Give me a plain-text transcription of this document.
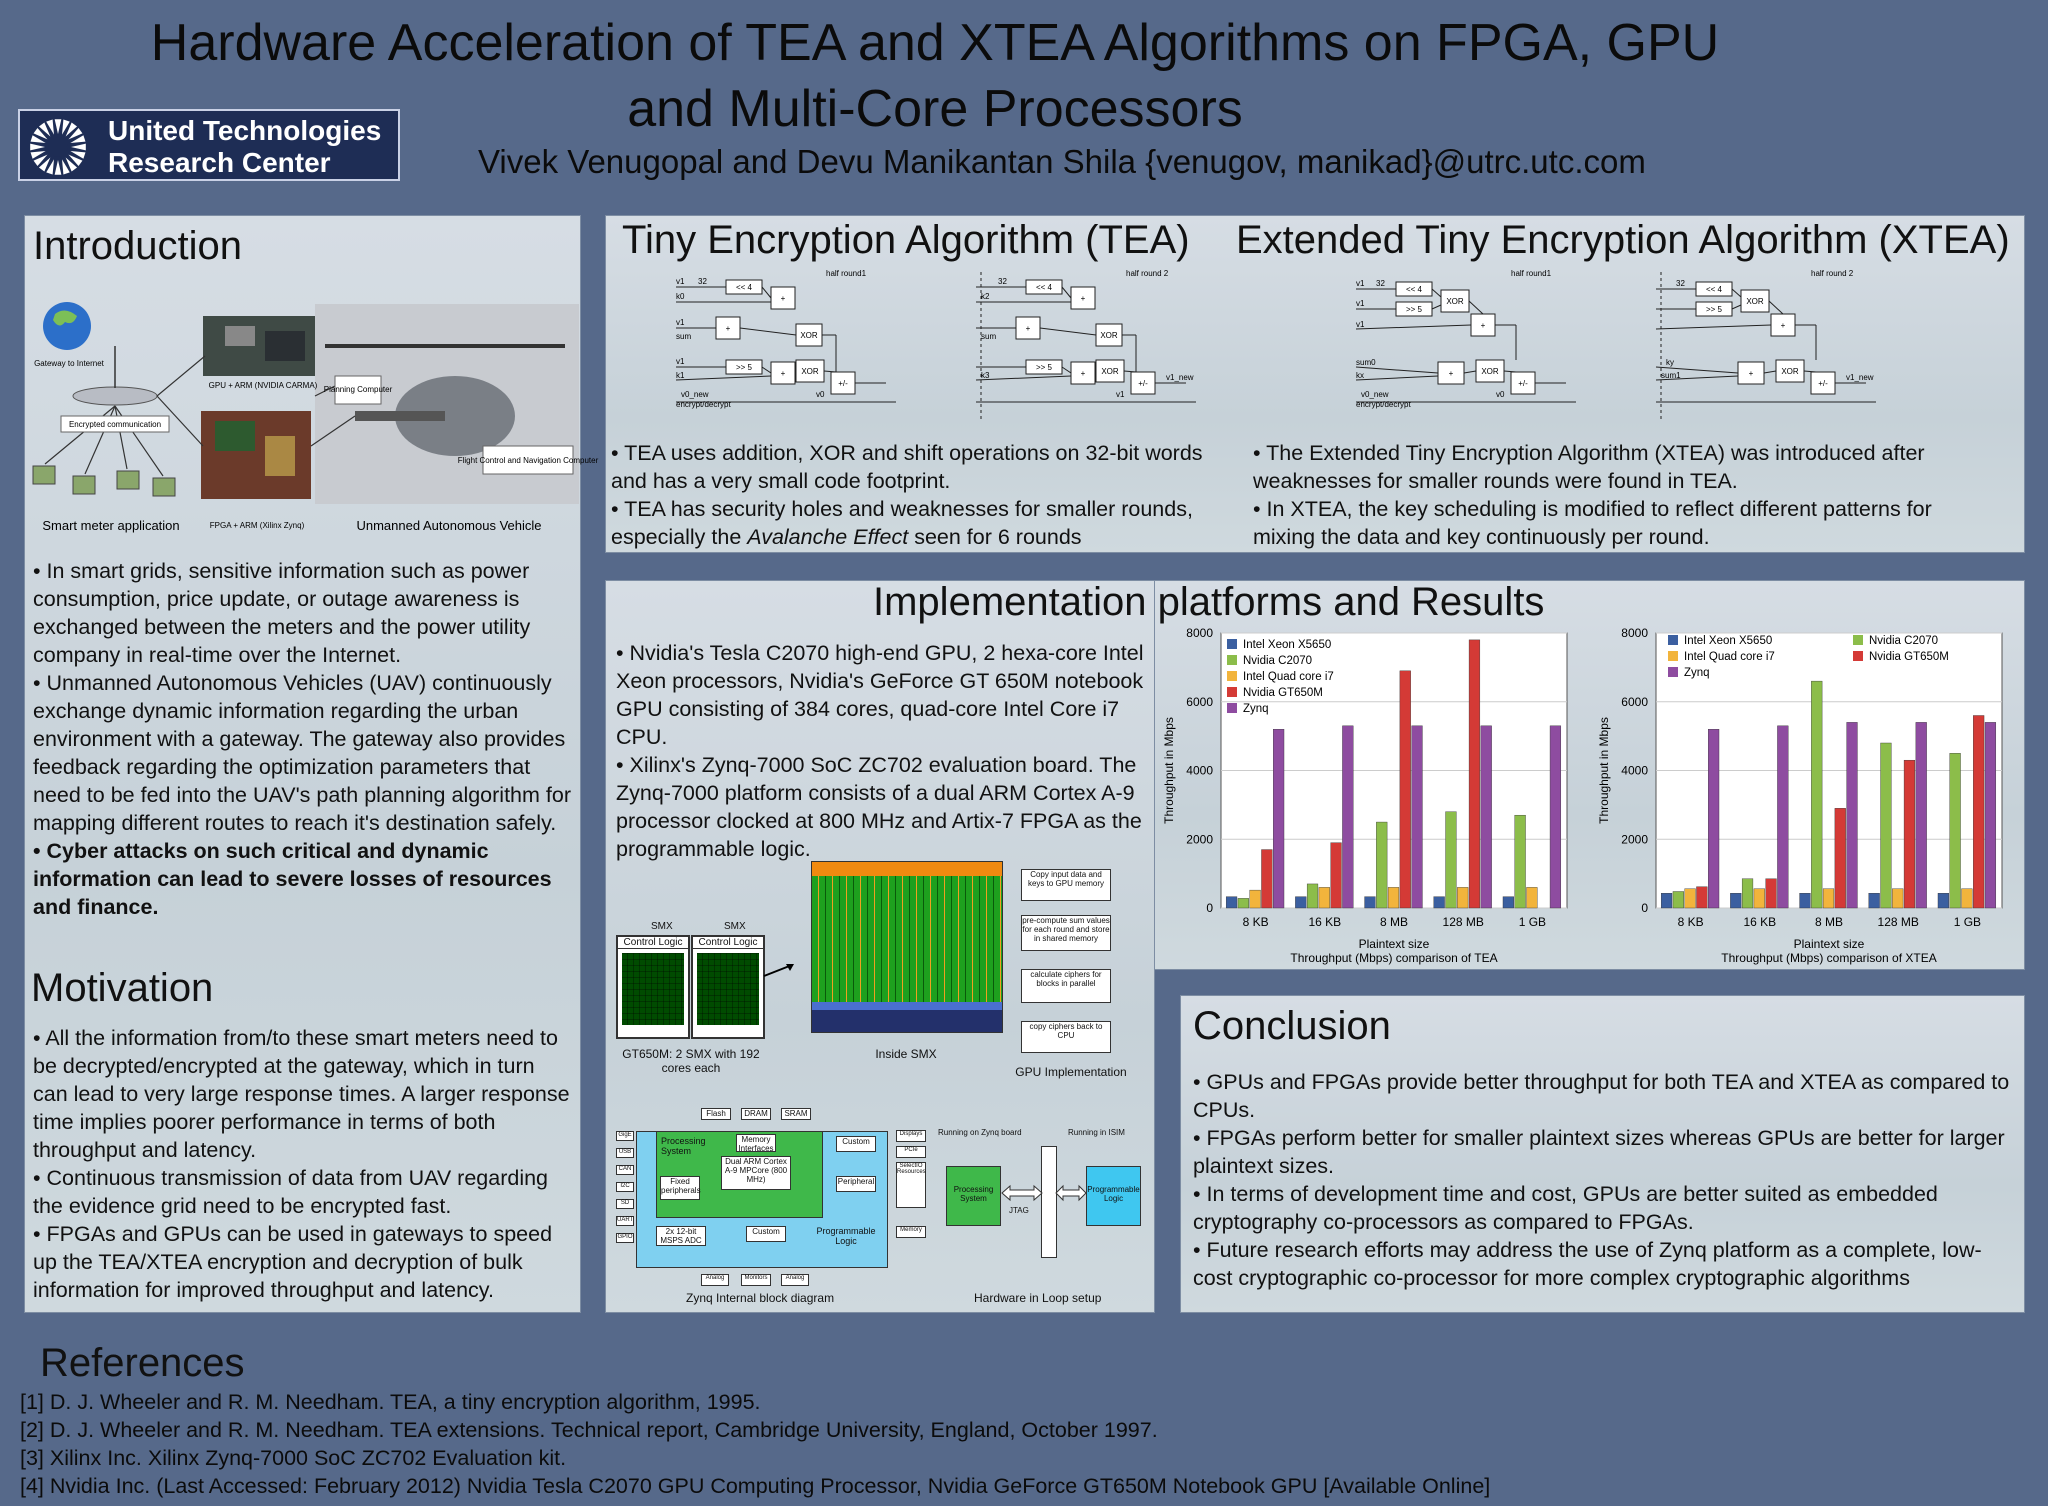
Hardware Acceleration of TEA and XTEA Algorithms on FPGA, GPU and Multi-Core Processors
United Technologies
Research Center	Vivek Venugopal and Devu Manikantan Shila {venugov, manikad}@utrc.utc.com
Introduction
Encrypted communication
Gateway to Internet
GPU + ARM (NVIDIA CARMA) Planning Computer
Flight Control and Navigation Computer
Smart meter application	FPGA + ARM (Xilinx Zynq)	Unmanned Autonomous Vehicle

• In smart grids, sensitive information such as power consumption, price update, or outage awareness is exchanged between the meters and the power utility company in real-time over the Internet.

• Unmanned Autonomous Vehicles (UAV) continuously exchange dynamic information regarding the urban environment with a gateway. The gateway also provides feedback regarding the optimization parameters that need to be fed into the UAV's path planning algorithm for mapping different routes to reach it's destination safely.

• Cyber attacks on such critical and dynamic information can lead to severe losses of resources and finance.

Motivation

• All the information from/to these smart meters need to be decrypted/encrypted at the gateway, which in turn can lead to very large response times. A larger response time implies poorer performance in terms of both throughput and latency.

• Continuous transmission of data from UAV regarding the evidence grid need to be encrypted fast.

• FPGAs and GPUs can be used in gateways to speed up the TEA/XTEA encryption and decryption of bulk information for improved throughput and latency.

Tiny Encryption Algorithm (TEA) Extended Tiny Encryption Algorithm (XTEA)
<< 4
+
+
XOR
>> 5
+ XOR
+/-
half round1
v1
k0
v1
sum
v1
k1
encrypt/decrypt
v0
32
<< 4
+
+
XOR
>> 5
+ XOR
+/-
half round 2
k2
sum
k3
v1
v1_new
v0_new
32
<< 4
>> 5
XOR
+
+	XOR
+/-
half round1
v1
v1
v1
sum0
kx
encrypt/decrypt
v0
32
<< 4
>> 5
XOR
+
+	XOR
+/-
half round 2
ky
sum1	v1_new
v0_new
32

• TEA uses addition, XOR and shift operations on 32-bit words and has a very small code footprint.

• TEA has security holes and weaknesses for smaller rounds, especially the Avalanche Effect seen for 6 rounds

• The Extended Tiny Encryption Algorithm (XTEA) was introduced after weaknesses for smaller rounds were found in TEA.

• In XTEA, the key scheduling is modified to reflect different patterns for mixing the data and key continuously per round.

• Nvidia's Tesla C2070 high-end GPU, 2 hexa-core Intel Xeon processors, Nvidia's GeForce GT 650M notebook GPU consisting of 384 cores, quad-core Intel Core i7 CPU.

• Xilinx's Zynq-7000 SoC ZC702 evaluation board. The Zynq-7000 platform consists of a dual ARM Cortex A-9 processor clocked at 800 MHz and Artix-7 FPGA as the programmable logic.

SMX	SMX
Control Logic	Control Logic
GT650M: 2 SMX with 192 cores each
Inside SMX
Copy input data and keys to GPU memory
pre-compute sum values for each round and store in shared memory
calculate ciphers for blocks in parallel
copy ciphers back to CPU
GPU Implementation
Processing System
Dual ARM Cortex A-9 MPCore (800 MHz)
Fixed peripherals
Memory Interfaces
Custom
Peripheral
Custom
2x 12-bit MSPS ADC
Programmable Logic
Flash	DRAM	SRAM
GigE
USB
CAN
I2C
SD
UART
GPIO
Analog	Monitors	Analog
Displays
PCIe
SelectIO Resources
Memory
Running on Zynq board	Running in ISIM
Processing System
Programmable Logic
JTAG
Zynq Internal block diagram	Hardware in Loop setup
0
2000
4000
6000
8000
8 KB	16 KB	8 MB	128 MB	1 GB
Plaintext size
Throughput (Mbps) comparison of TEA
Throughput in Mbps
Intel Xeon X5650
Nvidia C2070
Intel Quad core i7
Nvidia GT650M
Zynq
0
2000
4000
6000
8000
8 KB	16 KB	8 MB	128 MB	1 GB
Plaintext size
Throughput (Mbps) comparison of XTEA
Throughput in Mbps
Intel Xeon X5650	Nvidia C2070
Intel Quad core i7	Nvidia GT650M
Zynq
Implementation platforms and Results
Conclusion

• GPUs and FPGAs provide better throughput for both TEA and XTEA as compared to CPUs.

• FPGAs perform better for smaller plaintext sizes whereas GPUs are better for larger plaintext sizes.

• In terms of development time and cost, GPUs are better suited as embedded cryptography co-processors as compared to FPGAs.

• Future research efforts may address the use of Zynq platform as a complete, low-cost cryptographic co-processor for more complex cryptographic algorithms

References
[1] D. J. Wheeler and R. M. Needham. TEA, a tiny encryption algorithm, 1995.
[2] D. J. Wheeler and R. M. Needham. TEA extensions. Technical report, Cambridge University, England, October 1997.
[3] Xilinx Inc. Xilinx Zynq-7000 SoC ZC702 Evaluation kit.
[4] Nvidia Inc. (Last Accessed: February 2012) Nvidia Tesla C2070 GPU Computing Processor, Nvidia GeForce GT650M Notebook GPU [Available Online]
